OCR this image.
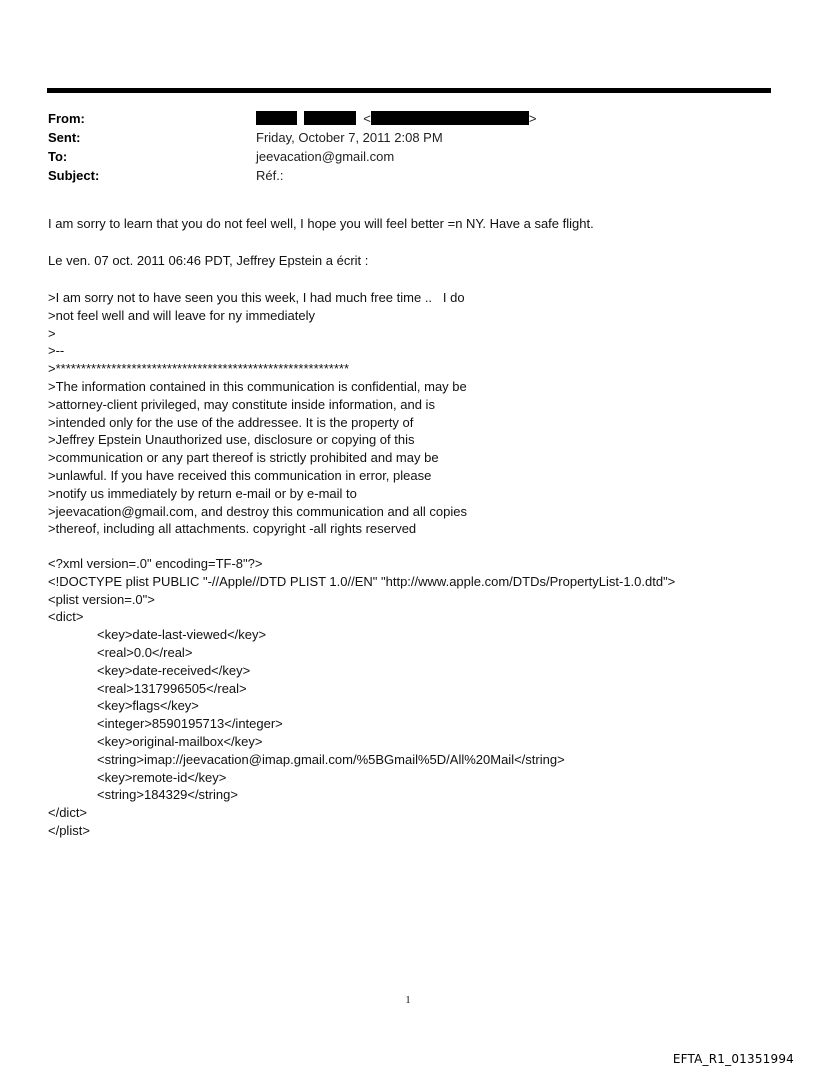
From:	<	>
Sent:	Friday, October 7, 2011 2:08 PM
To:	jeevacation@gmail.com
Subject:	Réf.:
I am sorry to learn that you do not feel well, I hope you will feel better =n NY. Have a safe flight.
Le ven. 07 oct. 2011 06:46 PDT, Jeffrey Epstein a écrit :
>I am sorry not to have seen you this week, I had much free time ..   I do
>not feel well and will leave for ny immediately
>
>--
>**********************************************************
>The information contained in this communication is confidential, may be
>attorney-client privileged, may constitute inside information, and is
>intended only for the use of the addressee. It is the property of
>Jeffrey Epstein Unauthorized use, disclosure or copying of this
>communication or any part thereof is strictly prohibited and may be
>unlawful. If you have received this communication in error, please
>notify us immediately by return e-mail or by e-mail to
>jeevacation@gmail.com, and destroy this communication and all copies
>thereof, including all attachments. copyright -all rights reserved
<?xml version=.0" encoding=TF-8"?>
<!DOCTYPE plist PUBLIC "-//Apple//DTD PLIST 1.0//EN" "http://www.apple.com/DTDs/PropertyList-1.0.dtd">
<plist version=.0">
<dict>
<key>date-last-viewed</key>
<real>0.0</real>
<key>date-received</key>
<real>1317996505</real>
<key>flags</key>
<integer>8590195713</integer>
<key>original-mailbox</key>
<string>imap://jeevacation@imap.gmail.com/%5BGmail%5D/All%20Mail</string>
<key>remote-id</key>
<string>184329</string>
</dict>
</plist>
1
EFTA_R1_01351994
